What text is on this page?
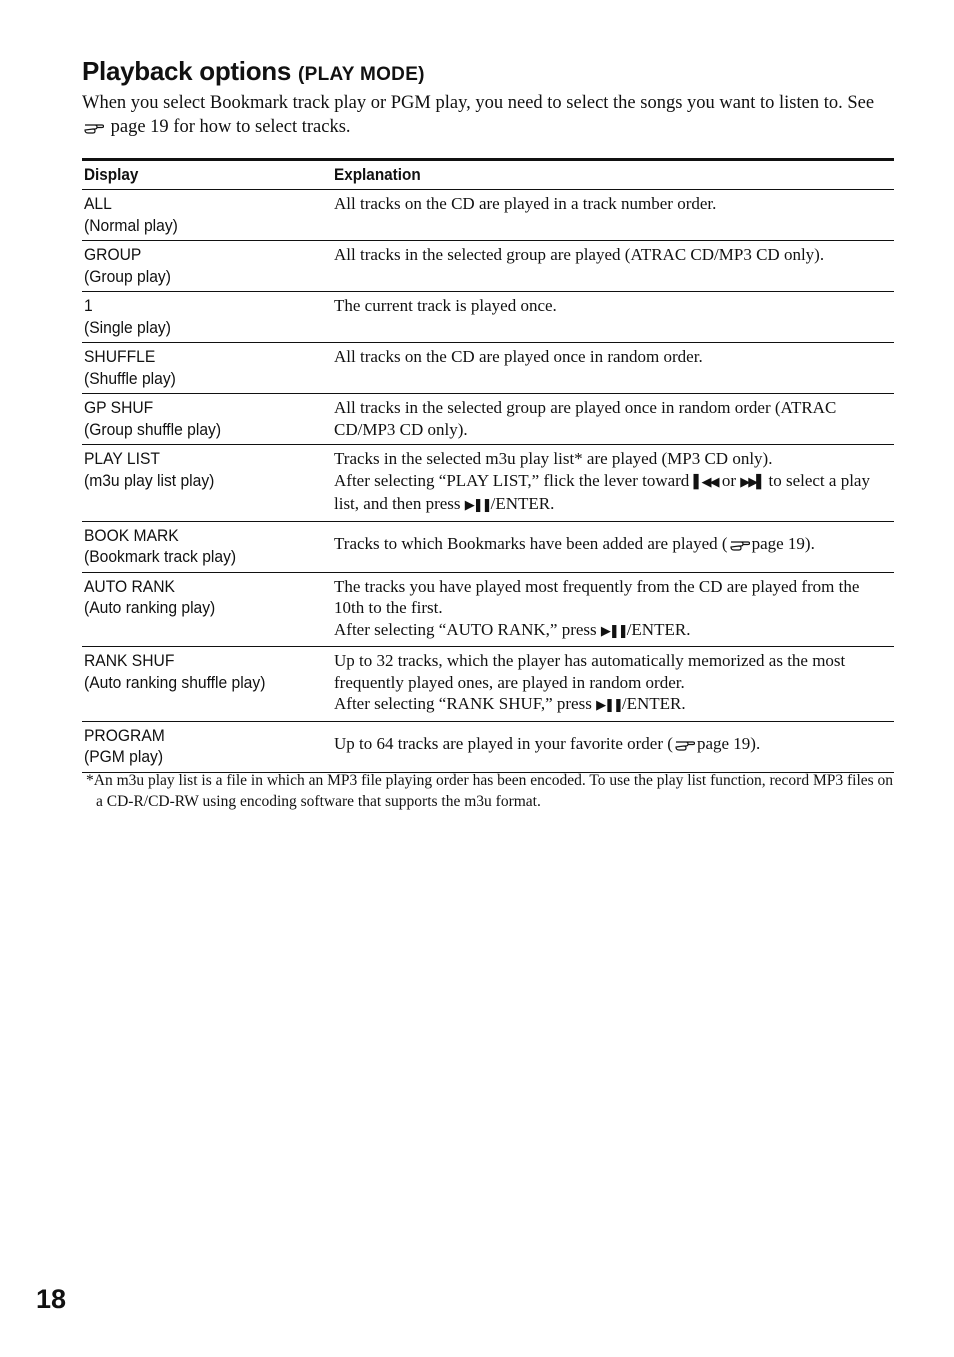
Playback options (PLAY MODE)

When you select Bookmark track play or PGM play, you need to select the songs you want to listen to. See  page 19 for how to select tracks.

Display	Explanation
ALL
(Normal play)	All tracks on the CD are played in a track number order.
GROUP
(Group play)	All tracks in the selected group are played (ATRAC CD/MP3 CD only).
1
(Single play)	The current track is played once.
SHUFFLE
(Shuffle play)	All tracks on the CD are played once in random order.
GP SHUF
(Group shuffle play)	All tracks in the selected group are played once in random order (ATRAC CD/MP3 CD only).
PLAY LIST
(m3u play list play)	Tracks in the selected m3u play list* are played (MP3 CD only).
After selecting “PLAY LIST,” flick the lever toward ▌◀◀ or ▶▶▌ to select a play list, and then press ▶❚❚/ENTER.
BOOK MARK
(Bookmark track play)	Tracks to which Bookmarks have been added are played ( page 19).
AUTO RANK
(Auto ranking play)	The tracks you have played most frequently from the CD are played from the 10th to the first.
After selecting “AUTO RANK,” press ▶❚❚/ENTER.
RANK SHUF
(Auto ranking shuffle play)	Up to 32 tracks, which the player has automatically memorized as the most frequently played ones, are played in random order.
After selecting “RANK SHUF,” press ▶❚❚/ENTER.
PROGRAM
(PGM play)	Up to 64 tracks are played in your favorite order ( page 19).

*An m3u play list is a file in which an MP3 file playing order has been encoded. To use the play list function, record MP3 files on a CD-R/CD-RW using encoding software that supports the m3u format.

18
